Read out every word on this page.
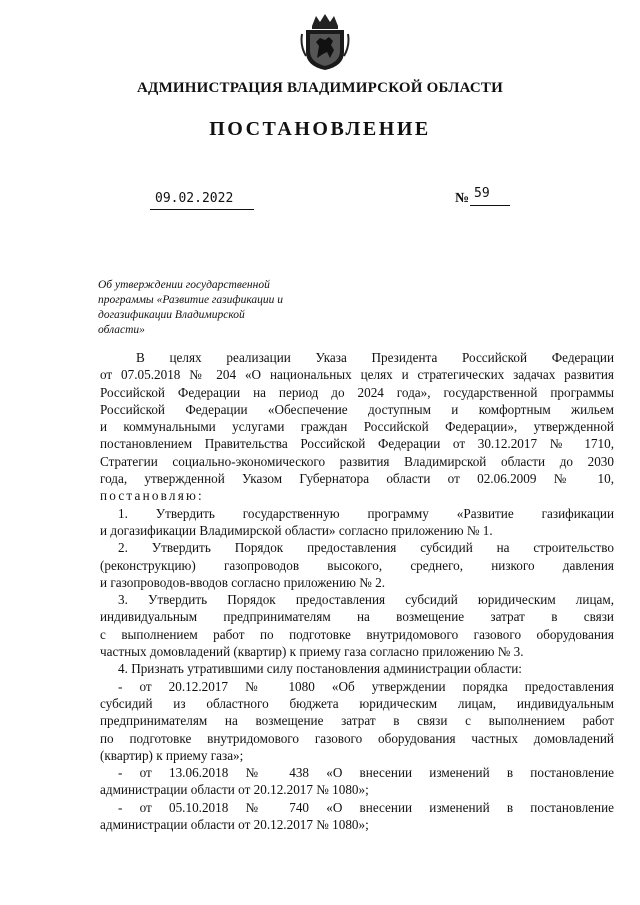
АДМИНИСТРАЦИЯ ВЛАДИМИРСКОЙ ОБЛАСТИ
ПОСТАНОВЛЕНИЕ
09.02.2022	№ 59
Об утверждении государственной
программы «Развитие газификации и
догазификации Владимирской
области»
В целях реализации Указа Президента Российской Федерации
от 07.05.2018 № 204 «О национальных целях и стратегических задачах развития
Российской Федерации на период до 2024 года», государственной программы
Российской Федерации «Обеспечение доступным и комфортным жильем
и коммунальными услугами граждан Российской Федерации», утвержденной
постановлением Правительства Российской Федерации от 30.12.2017 № 1710,
Стратегии социально-экономического развития Владимирской области до 2030
года, утвержденной Указом Губернатора области от 02.06.2009 № 10,
постановляю:
1. Утвердить государственную программу «Развитие газификации
и догазификации Владимирской области» согласно приложению № 1.
2. Утвердить Порядок предоставления субсидий на строительство
(реконструкцию) газопроводов высокого, среднего, низкого давления
и газопроводов-вводов согласно приложению № 2.
3. Утвердить Порядок предоставления субсидий юридическим лицам,
индивидуальным предпринимателям на возмещение затрат в связи
с выполнением работ по подготовке внутридомового газового оборудования
частных домовладений (квартир) к приему газа согласно приложению № 3.
4. Признать утратившими силу постановления администрации области:
- от 20.12.2017 № 1080 «Об утверждении порядка предоставления
субсидий из областного бюджета юридическим лицам, индивидуальным
предпринимателям на возмещение затрат в связи с выполнением работ
по подготовке внутридомового газового оборудования частных домовладений
(квартир) к приему газа»;
- от 13.06.2018 № 438 «О внесении изменений в постановление
администрации области от 20.12.2017 № 1080»;
- от 05.10.2018 № 740 «О внесении изменений в постановление
администрации области от 20.12.2017 № 1080»;
